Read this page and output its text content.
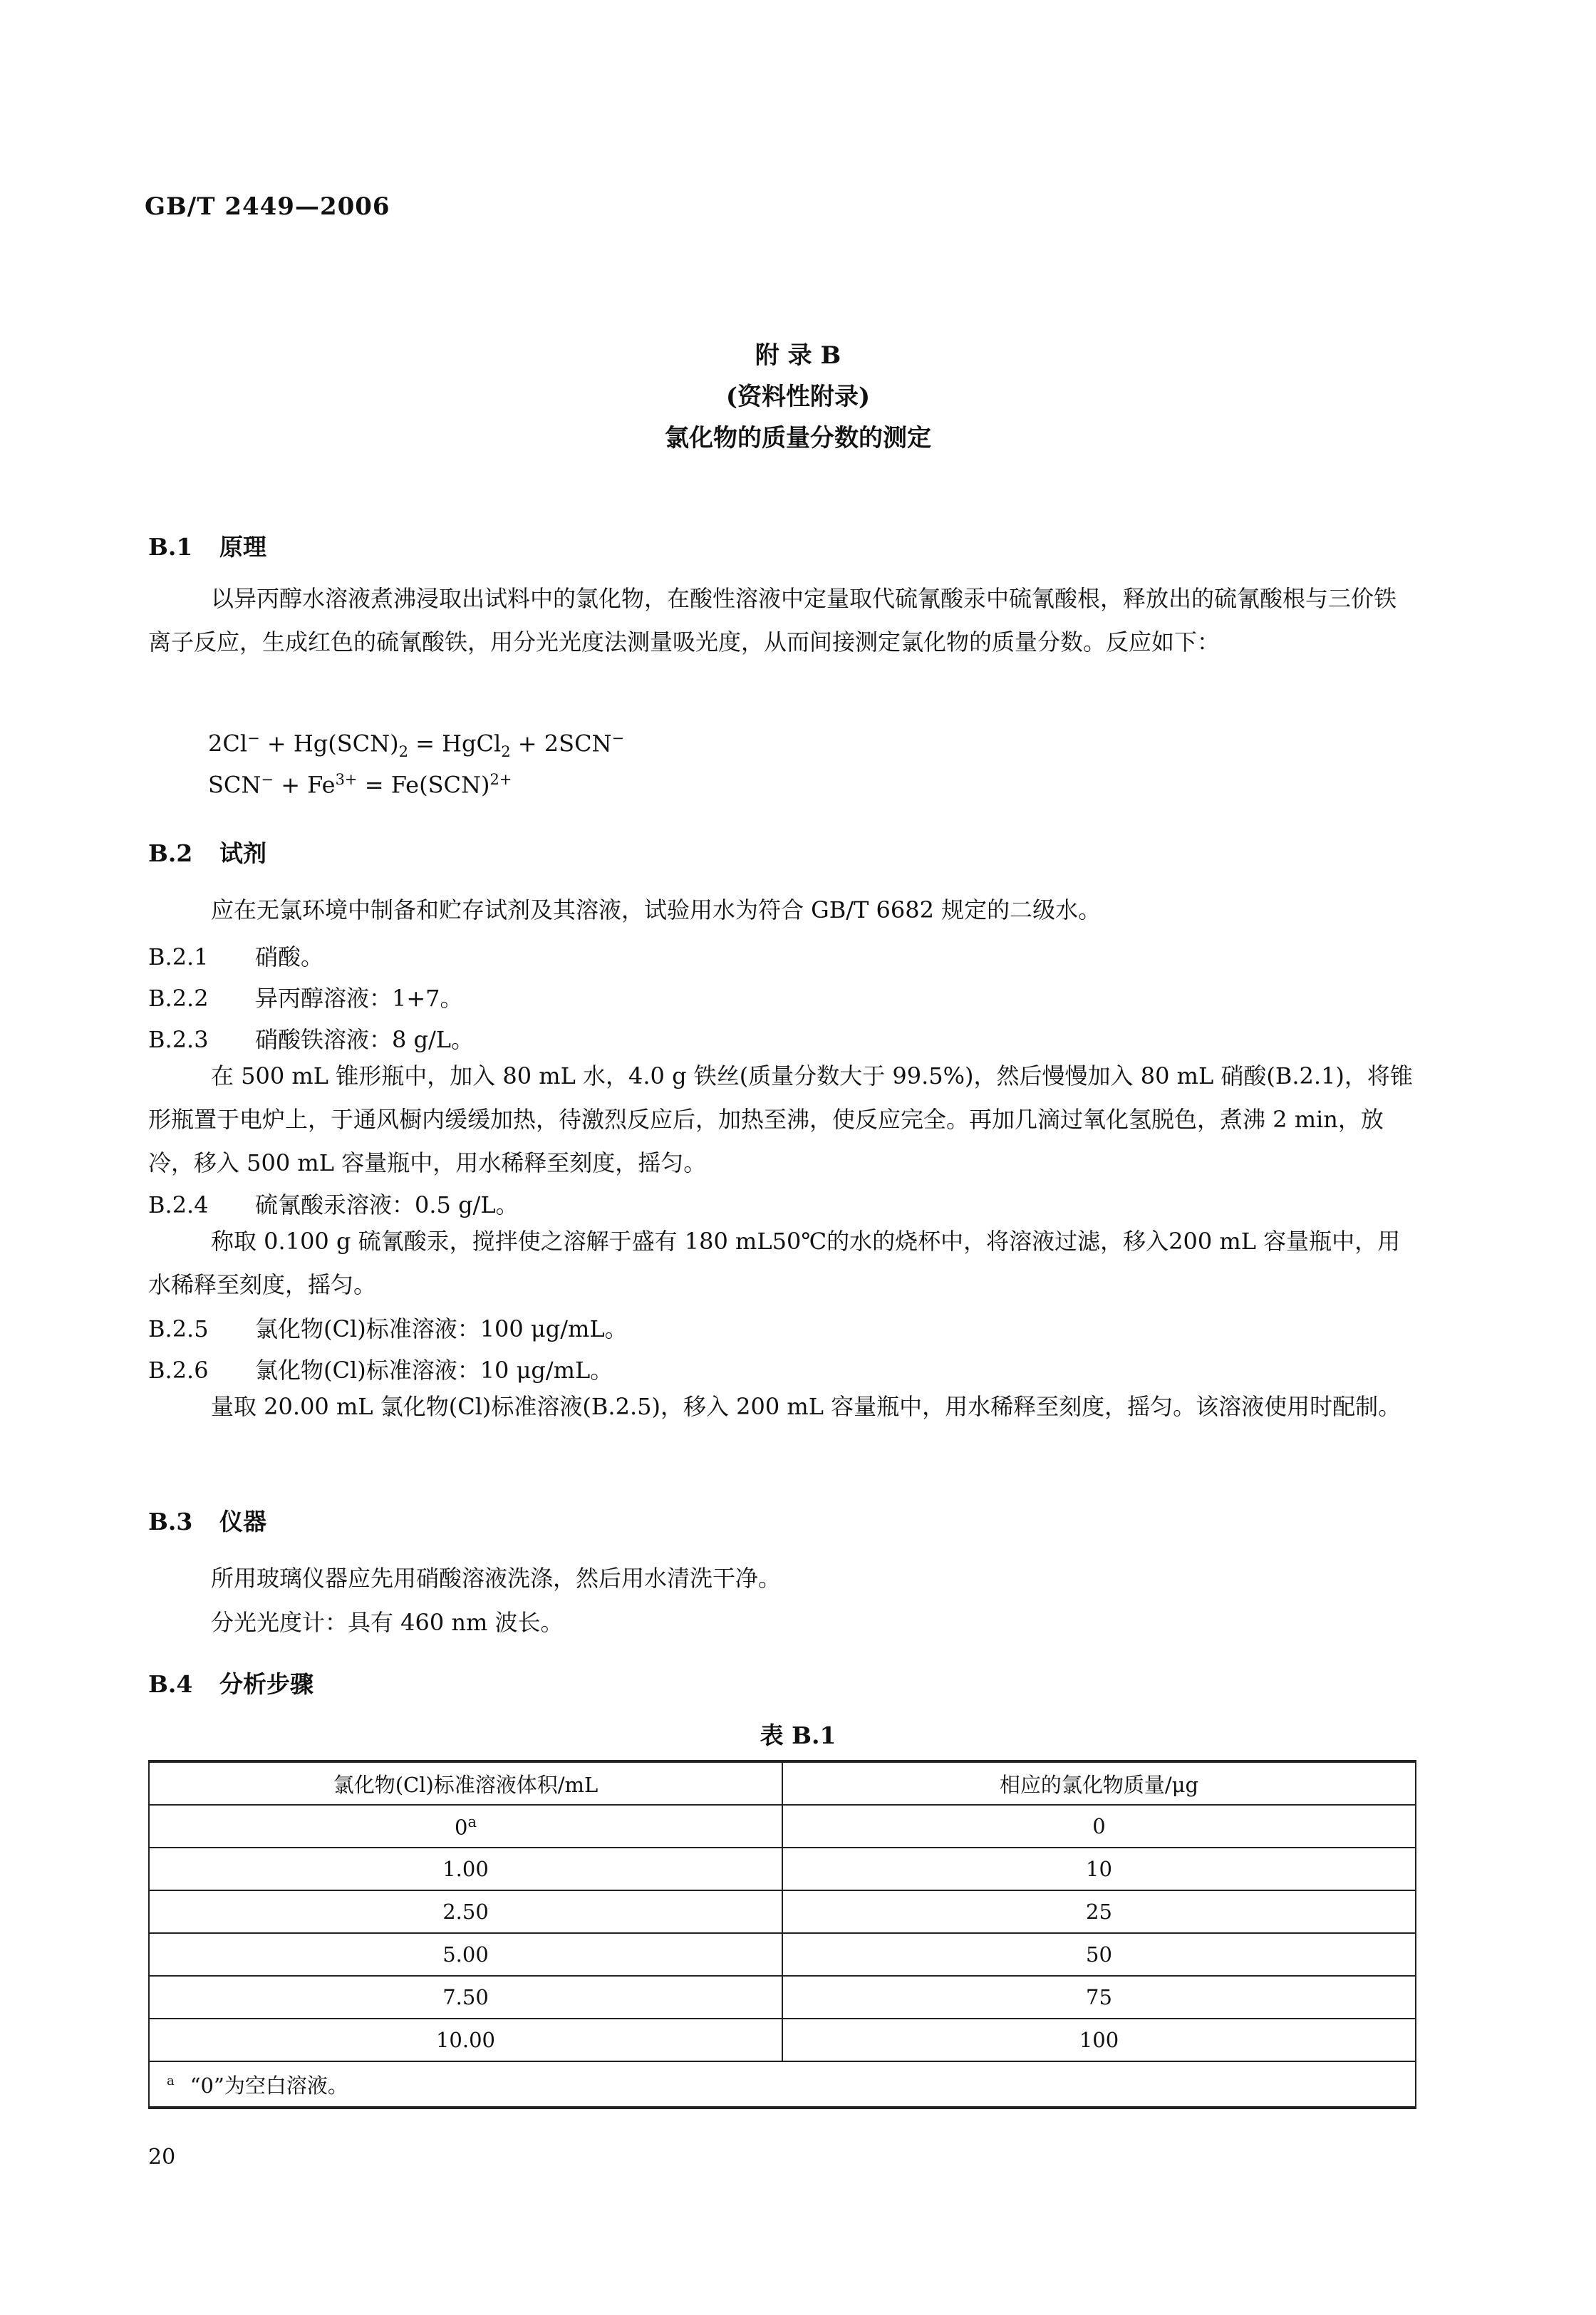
GB/T 2449—2006
附 录 B
(资料性附录)
氯化物的质量分数的测定
B.1 原理
以异丙醇水溶液煮沸浸取出试料中的氯化物，在酸性溶液中定量取代硫氰酸汞中硫氰酸根，释放出的硫氰酸根与三价铁离子反应，生成红色的硫氰酸铁，用分光光度法测量吸光度，从而间接测定氯化物的质量分数。反应如下：
$2Cl^- + Hg(SCN)_2$ = HgCl$_2$ + 2SCN−
$SCN^- + Fe^{3+} = Fe(SCN)^{2+}$
B.2 试剂
应在无氯环境中制备和贮存试剂及其溶液，试验用水为符合 GB/T 6682 规定的二级水。
B.2.1 硝酸。
B.2.2 异丙醇溶液：1+7。
B.2.3 硝酸铁溶液：8 g/L。
在 500 mL 锥形瓶中，加入 80 mL 水，4.0 g 铁丝(质量分数大于 99.5%)，然后慢慢加入 80 mL 硝酸(B.2.1)，将锥形瓶置于电炉上，于通风橱内缓缓加热，待激烈反应后，加热至沸，使反应完全。再加几滴过氧化氢脱色，煮沸 2 min，放冷，移入 500 mL 容量瓶中，用水稀释至刻度，摇匀。
B.2.4 硫氰酸汞溶液：0.5 g/L。
称取 0.100 g 硫氰酸汞，搅拌使之溶解于盛有 180 mL50℃的水的烧杯中，将溶液过滤，移入200 mL 容量瓶中，用水稀释至刻度，摇匀。
B.2.5 氯化物(Cl)标准溶液：100 μg/mL。
B.2.6 氯化物(Cl)标准溶液：10 μg/mL。
量取 20.00 mL 氯化物(Cl)标准溶液(B.2.5)，移入 200 mL 容量瓶中，用水稀释至刻度，摇匀。该溶液使用时配制。
B.3 仪器
所用玻璃仪器应先用硝酸溶液洗涤，然后用水清洗干净。
分光光度计：具有 460 nm 波长。
B.4 分析步骤
表 B.1
氯化物(Cl)标准溶液体积/mL	相应的氯化物质量/μg
0$^a$	0
1.00	10
2.50	25
5.00	50
7.50	75
10.00	100
$^a$ “0”为空白溶液。	
20
